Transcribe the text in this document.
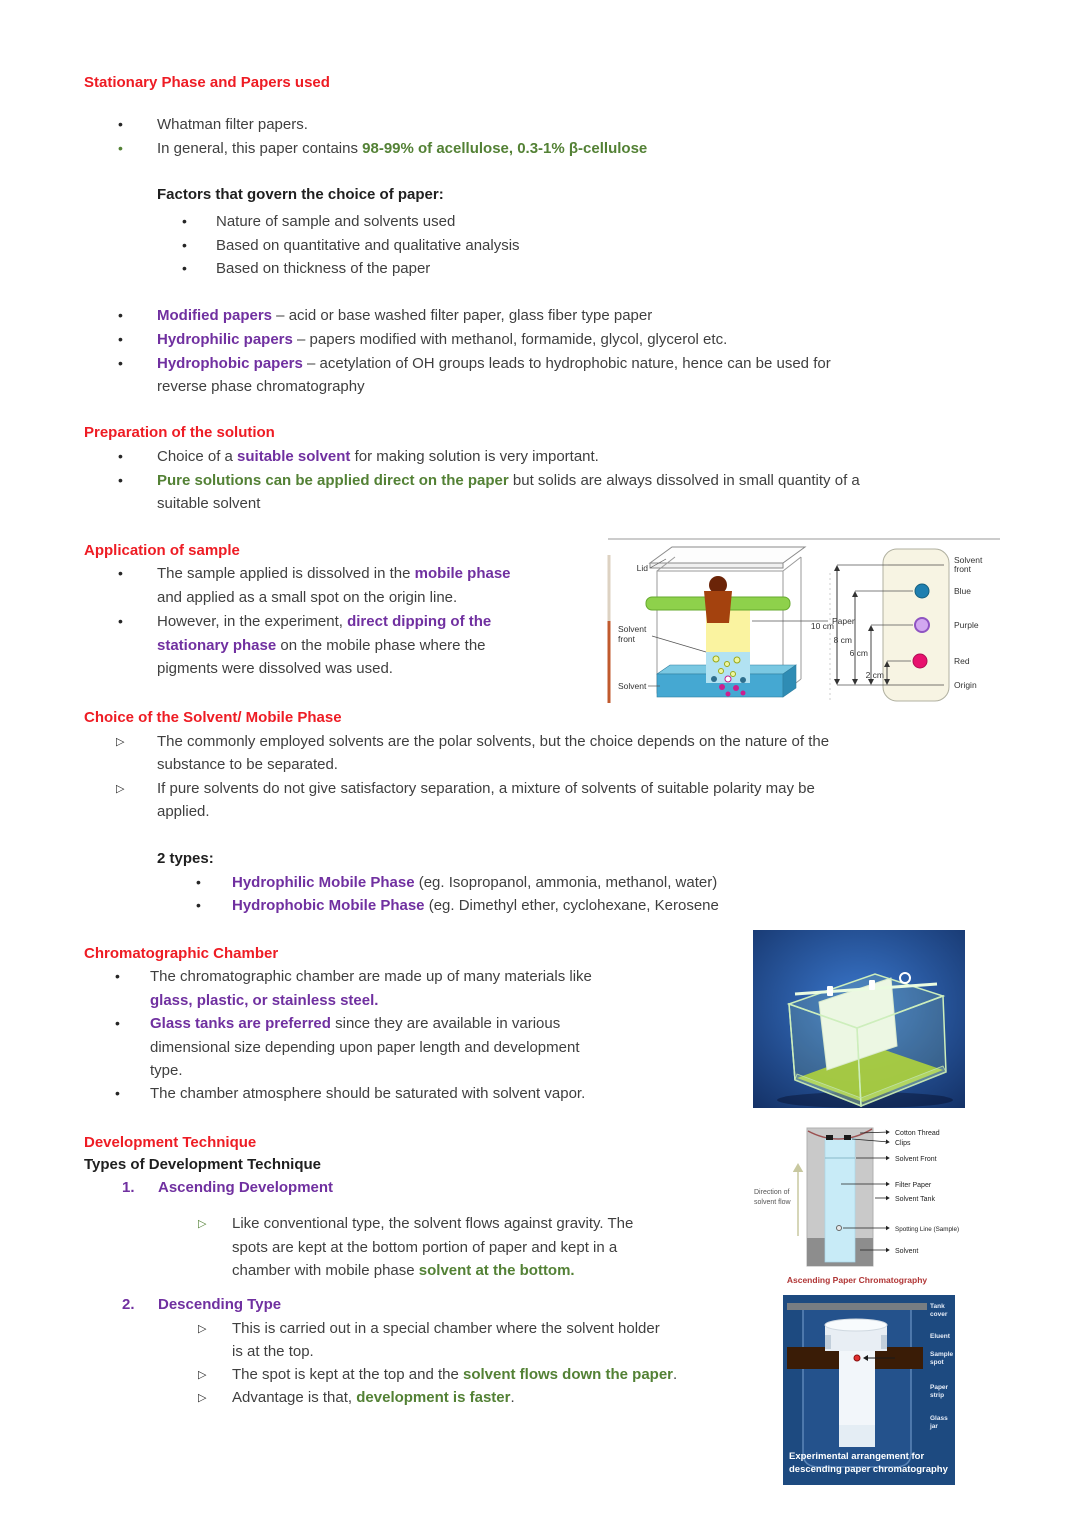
Stationary Phase and Papers used
• Whatman filter papers.
• In general, this paper contains 98-99% of acellulose, 0.3-1% β-cellulose
Factors that govern the choice of paper:
• Nature of sample and solvents used
• Based on quantitative and qualitative analysis
• Based on thickness of the paper
• Modified papers – acid or base washed filter paper, glass fiber type paper
• Hydrophilic papers – papers modified with methanol, formamide, glycol, glycerol etc.
• Hydrophobic papers – acetylation of OH groups leads to hydrophobic nature, hence can be used for
reverse phase chromatography
Preparation of the solution
• Choice of a suitable solvent for making solution is very important.
• Pure solutions can be applied direct on the paper but solids are always dissolved in small quantity of a
suitable solvent
Application of sample
• The sample applied is dissolved in the mobile phase
and applied as a small spot on the origin line.
• However, in the experiment, direct dipping of the
stationary phase on the mobile phase where the
pigments were dissolved was used.
Choice of the Solvent/ Mobile Phase
▷ The commonly employed solvents are the polar solvents, but the choice depends on the nature of the
substance to be separated.
▷ If pure solvents do not give satisfactory separation, a mixture of solvents of suitable polarity may be
applied.
2 types:
• Hydrophilic Mobile Phase (eg. Isopropanol, ammonia, methanol, water)
• Hydrophobic Mobile Phase (eg. Dimethyl ether, cyclohexane, Kerosene
Chromatographic Chamber
• The chromatographic chamber are made up of many materials like
glass, plastic, or stainless steel.
• Glass tanks are preferred since they are available in various
dimensional size depending upon paper length and development
type.
• The chamber atmosphere should be saturated with solvent vapor.
Development Technique
Types of Development Technique
1. Ascending Development
▷ Like conventional type, the solvent flows against gravity. The
spots are kept at the bottom portion of paper and kept in a
chamber with mobile phase solvent at the bottom.
2. Descending Type
▷ This is carried out in a special chamber where the solvent holder
is at the top.
▷ The spot is kept at the top and the solvent flows down the paper.
▷ Advantage is that, development is faster.
Lid
Paper
Solvent
front
Solvent
10 cm
8 cm
6 cm
2 cm
Solvent
front
Blue
Purple
Red
Origin
Cotton Thread
Clips
Solvent Front
Filter Paper
Solvent Tank
Spotting Line (Sample)
Solvent
Direction of
solvent flow
Ascending Paper Chromatography
Tank
cover
Eluent
Sample
spot
Paper
strip
Glass
jar
Experimental arrangement for
descending paper chromatography
